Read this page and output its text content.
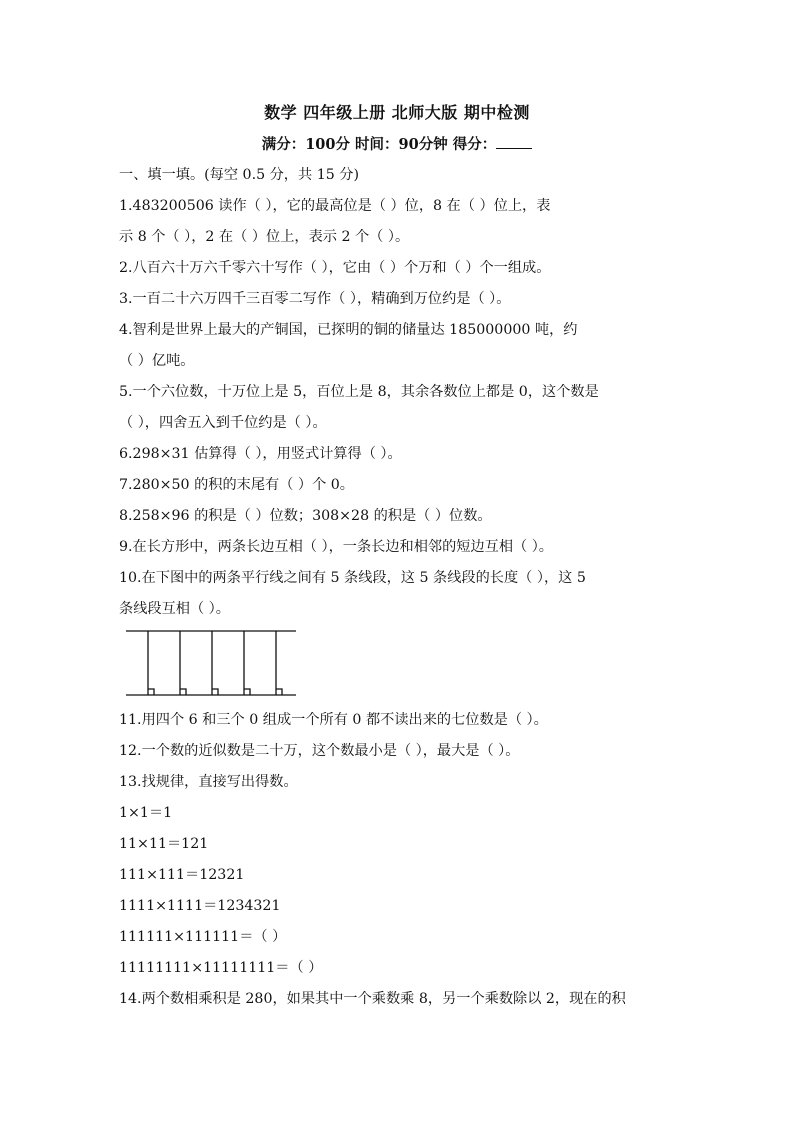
数学 四年级上册 北师大版 期中检测
满分：100分 时间：90分钟 得分：

一、填一填。(每空 0.5 分，共 15 分)

1.483200506 读作（ ），它的最高位是（ ）位，8 在（ ）位上，表

示 8 个（ ），2 在（ ）位上，表示 2 个（ ）。

2.八百六十万六千零六十写作（ ），它由（ ）个万和（ ）个一组成。

3.一百二十六万四千三百零二写作（ ），精确到万位约是（ ）。

4.智利是世界上最大的产铜国，已探明的铜的储量达 185000000 吨，约

（ ）亿吨。

5.一个六位数，十万位上是 5，百位上是 8，其余各数位上都是 0，这个数是

（ ），四舍五入到千位约是（ ）。

6.298×31 估算得（ ），用竖式计算得（ ）。

7.280×50 的积的末尾有（ ）个 0。

8.258×96 的积是（ ）位数；308×28 的积是（ ）位数。

9.在长方形中，两条长边互相（ ），一条长边和相邻的短边互相（ ）。

10.在下图中的两条平行线之间有 5 条线段，这 5 条线段的长度（ ），这 5

条线段互相（ ）。

11.用四个 6 和三个 0 组成一个所有 0 都不读出来的七位数是（ ）。

12.一个数的近似数是二十万，这个数最小是（ ），最大是（ ）。

13.找规律，直接写出得数。

1×1＝1

11×11＝121

111×111＝12321

1111×1111＝1234321

111111×111111＝（ ）

11111111×11111111＝（ ）

14.两个数相乘积是 280，如果其中一个乘数乘 8，另一个乘数除以 2，现在的积
